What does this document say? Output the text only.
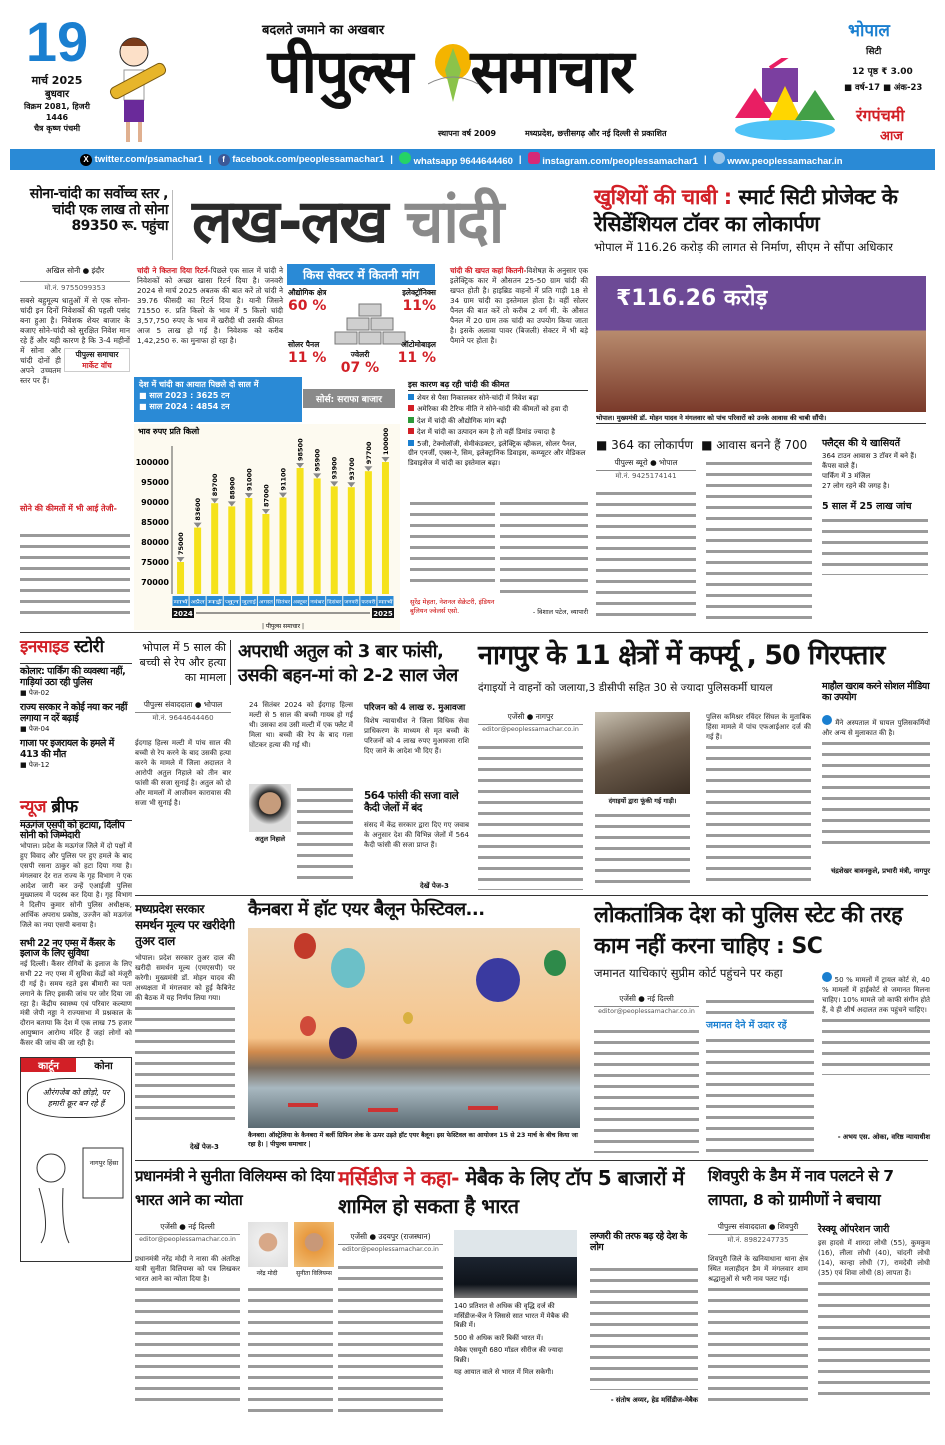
19
मार्च 2025
बुधवार
विक्रम 2081, हिजरी 1446
चैत्र कृष्ण पंचमी
बदलते जमाने का अखबार
पीपुल्स समाचार
स्थापना वर्ष 2009	मध्यप्रदेश, छत्तीसगढ़ और नई दिल्ली से प्रकाशित
भोपाल
सिटी
12 पृष्ठ ₹ 3.00
■ वर्ष-17 ■ अंक-23
रंगपंचमी
आज
X twitter.com/psamachar1 |	f facebook.com/peoplessamachar1 |	whatsapp 9644644460 |	instagram.com/peoplessamachar1 |	www.peoplessamachar.in
सोना-चांदी का सर्वोच्च स्तर , चांदी एक लाख तो सोना 89350 रू. पहुंचा लख-लख चांदी
अखिल सोनी ● इंदौर
मो.नं. 9755099353
पीपुल्स समाचार
मार्केट वॉच
सबसे बहुमूल्य धातुओं में से एक सोना-चांदी इन दिनों निवेशकों की पहली पसंद बना हुआ है। निवेशक शेयर बाजार के बजाए सोने-चांदी को सुरक्षित निवेश मान रहे हैं और यही कारण है कि 3-4 महीनों में सोना और चांदी दोनों ही अपने उच्चतम स्तर पर हैं।
सोने की कीमतों में भी आई तेजी-
चांदी ने कितना दिया रिटर्न-पिछले एक साल में चांदी ने निवेशकों को अच्छा खासा रिटर्न दिया है। जनवरी 2024 से मार्च 2025 अबतक की बात करें तो चांदी ने 39.76 फीसदी का रिटर्न दिया है। यानी जिसने 71550 रु. प्रति किलो के भाव में 5 किलो चांदी 3,57,750 रुपए के भाव में खरीदी थी उसकी कीमत आज 5 लाख हो गई है। निवेशक को करीब 1,42,250 रु. का मुनाफा हो रहा है।
किस सेक्टर में कितनी मांग
औद्योगिक क्षेत्र
60 %
इलेक्ट्रॉनिक्स
11%
सोलर पैनल
11 %	ज्वेलरी
07 %
ऑटोमोबाइल
11 %
चांदी की खपत कहां कितनी-विशेषज्ञ के अनुसार एक इलेक्ट्रिक कार में औसतन 25-50 ग्राम चांदी की खपत होती है। हाइब्रिड वाहनों में प्रति गाड़ी 18 से 34 ग्राम चांदी का इस्तेमाल होता है। वहीं सोलर पैनल की बात करें तो करीब 2 वर्ग मी. के औसत पैनल में 20 ग्राम तक चांदी का उपयोग किया जाता है। इसके अलावा पावर (बिजली) सेक्टर में भी बड़े पैमाने पर होता है।
देश में चांदी का आयात पिछले दो साल में
■ साल 2023 : 3625 टन
■ साल 2024 : 4854 टन
सोर्स: सराफा बाजार
70000
75000
80000
85000
90000
95000
100000
भाव रुपए प्रति किलो
75000
मार्च
83600
अप्रैल
89700
मई
88900
जून
91000
जुलाई
87000
अगस्त
91100
सितंबर
98500
अक्टूबर
95900
नवंबर
93900
दिसंबर
93700
जनवरी
97700
फरवरी
100000
मार्च
2024	2025
| पीपुल्स समाचार |
इस कारण बढ़ रही चांदी की कीमत
शेयर से पैसा निकालकर सोने-चांदी में निवेश बढ़ा
अमेरिका की टैरिफ नीति ने सोने-चांदी की कीमतों को हवा दी
देश में चांदी की औद्योगिक मांग बढ़ी
देश में चांदी का उत्पादन कम है तो वहीं डिमांड ज्यादा है
5जी, टेक्नोलॉजी, सेमीकंडक्टर, इलेक्ट्रिक व्हीकल, सोलर पैनल, ग्रीन एनर्जी, एक्स-रे, सिम, इलेक्ट्रानिक डिवाइस, कम्प्यूटर और मेडिकल डिवाइसेज में चांदी का इस्तेमाल बढ़ा।
सुरेंद्र मेहता, नेशनल सेक्रेटरी, इंडियन बुलियन ज्वेलर्स एसो.	- विशाल पटेल, व्यापारी
खुशियों की चाबी : स्मार्ट सिटी प्रोजेक्ट के रेसिडेंशियल टॉवर का लोकार्पण
भोपाल में 116.26 करोड़ की लागत से निर्माण, सीएम ने सौंपा अधिकार
₹116.26 करोड़
भोपाल। मुख्यमंत्री डॉ. मोहन यादव ने मंगलवार को पांच परिवारों को उनके आवास की चाबी सौंपी।
■ 364 का लोकार्पण ■ आवास बनने हैं 700
पीपुल्स ब्यूरो ● भोपाल
मो.नं. 9425174141
फ्लैट्स की ये खासियतें
364 टाउन आवास 3 टॉवर में बने हैं।
कैंपस वाले हैं।
पार्किंग में 3 मंजिल
27 लोग रहने की जगह है।
5 साल में 25 लाख जांच
इनसाइड स्टोरी
कोलार: पार्किंग की व्यवस्था नहीं, गाड़ियां उठा रही पुलिस
■ पेज-02
राज्य सरकार ने कोई नया कर नहीं लगाया न दरें बढ़ाई
■ पेज-04
गाजा पर इजरायल के हमले में 413 की मौत
■ पेज-12
न्यूज ब्रीफ
मऊगंज एसपी को हटाया, दिलीप सोनी को जिम्मेदारी
भोपाल। प्रदेश के मऊगंज जिले में दो पक्षों में हुए विवाद और पुलिस पर हुए हमले के बाद एसपी रसना ठाकुर को हटा दिया गया है। मंगलवार देर रात राज्य के गृह विभाग ने एक आदेश जारी कर उन्हें एआईजी पुलिस मुख्यालय में पदस्थ कर दिया है। गृह विभाग ने दिलीप कुमार सोनी पुलिस अधीक्षक, आर्थिक अपराध प्रकोष्ठ, उज्जैन को मऊगंज जिले का नया एसपी बनाया है।
सभी 22 नए एम्स में कैंसर के इलाज के लिए सुविधा
नई दिल्ली। कैंसर रोगियों के इलाज के लिए सभी 22 नए एम्स में सुविधा केंद्रों को मंजूरी दी गई है। समय रहते इस बीमारी का पता लगाने के लिए इसकी जांच पर जोर दिया जा रहा है। केंद्रीय स्वास्थ्य एवं परिवार कल्याण मंत्री जेपी नड्डा ने राज्यसभा में प्रश्नकाल के दौरान बताया कि देश में एक लाख 75 हजार आयुष्मान आरोग्य मंदिर हैं जहां लोगों को कैंसर की जांच की जा रही है।
कार्टून	कोना
औरंगजेब को छोड़ो, पर हमारी क्रूर बन रहे हैं
नागपुर हिंसा
भोपाल में 5 साल की बच्ची से रेप और हत्या का मामला
अपराधी अतुल को 3 बार फांसी, उसकी बहन-मां को 2-2 साल जेल
पीपुल्स संवाददाता ● भोपाल
मो.नं. 9644644460
ईदगाह हिल्स मल्टी में पांच साल की बच्ची से रेप करने के बाद उसकी हत्या करने के मामले में जिला अदालत ने आरोपी अतुल निहाले को तीन बार फांसी की सजा सुनाई है। अतुल को दो और मामलों में आजीवन कारावास की सजा भी सुनाई है।
24 सितंबर 2024 को ईदगाह हिल्स मल्टी से 5 साल की बच्ची गायब हो गई थी। उसका शव उसी मल्टी में एक फ्लैट में मिला था। बच्ची की रेप के बाद गला घोंटकर हत्या की गई थी।
अतुल निहाले
परिजन को 4 लाख रु. मुआवजा
विशेष न्यायाधीश ने जिला विधिक सेवा प्राधिकरण के माध्यम से मृत बच्ची के परिजनों को 4 लाख रुपए मुआवजा राशि दिए जाने के आदेश भी दिए हैं।
564 फांसी की सजा वाले कैदी जेलों में बंद
संसद में केंद्र सरकार द्वारा दिए गए जवाब के अनुसार देश की विभिन्न जेलों में 564 कैदी फांसी की सजा प्राप्त हैं।
देखें पेज-3
नागपुर के 11 क्षेत्रों में कर्फ्यू , 50 गिरफ्तार
दंगाइयों ने वाहनों को जलाया,3 डीसीपी सहित 30 से ज्यादा पुलिसकर्मी घायल
एजेंसी ● नागपुर
editor@peoplessamachar.co.in
दंगाइयों द्वारा फूंकी गई गाड़ी।
पुलिस कमिश्नर रविंदर सिंघल के मुताबिक हिंसा मामले में पांच एफआईआर दर्ज की गई हैं।
माहौल खराब करने सोशल मीडिया का उपयोग
मैंने अस्पताल में घायल पुलिसकर्मियों और अन्य से मुलाकात की है।
चंद्रशेखर बावनकुले, प्रभारी मंत्री, नागपुर
मध्यप्रदेश सरकार समर्थन मूल्य पर खरीदेगी तुअर दाल
भोपाल। प्रदेश सरकार तुअर दाल की खरीदी समर्थन मूल्य (एमएसपी) पर करेगी। मुख्यमंत्री डॉ. मोहन यादव की अध्यक्षता में मंगलवार को हुई कैबिनेट की बैठक में यह निर्णय लिया गया।
देखें पेज-3
कैनबरा में हॉट एयर बैलून फेस्टिवल...
कैनबरा। ऑस्ट्रेलिया के कैनबरा में बर्ली ग्रिफिन लेक के ऊपर उड़ते हॉट एयर बैलून। इस फेस्टिवल का आयोजन 15 से 23 मार्च के बीच किया जा रहा है। | पीपुल्स समाचार |
लोकतांत्रिक देश को पुलिस स्टेट की तरह काम नहीं करना चाहिए : SC
जमानत याचिकाएं सुप्रीम कोर्ट पहुंचने पर कहा
एजेंसी ● नई दिल्ली
editor@peoplessamachar.co.in
जमानत देने में उदार रहें
50 % मामलों में ट्रायल कोर्ट से, 40 % मामलों में हाईकोर्ट से जमानत मिलना चाहिए। 10% मामले जो काफी संगीन होते हैं, वे ही शीर्ष अदालत तक पहुंचने चाहिए।
- अभय एस. ओका, वरिष्ठ न्यायाधीश
प्रधानमंत्री ने सुनीता विलियम्स को दिया भारत आने का न्योता
एजेंसी ● नई दिल्ली
editor@peoplessamachar.co.in
नरेंद्र मोदी	सुनीता विलियम्स
प्रधानमंत्री नरेंद्र मोदी ने नासा की अंतरिक्ष यात्री सुनीता विलियम्स को पत्र लिखकर भारत आने का न्योता दिया है।
मर्सिडीज ने कहा- मेबैक के लिए टॉप 5 बाजारों में शामिल हो सकता है भारत
एजेंसी ● उदयपुर (राजस्थान)
editor@peoplessamachar.co.in
140 प्रतिशत से अधिक की वृद्धि दर्ज की मर्सिडीज-बेंज ने जिससे सात भारत में मेबैक की बिक्री में।
500 से अधिक कारें बिकीं भारत में।
मेबैक एसयूवी 680 मॉडल सीरीज की ज्यादा बिक्री।
यह आयात वाले से भारत में मिल सकेगी।
लग्जरी की तरफ बढ़ रहे देश के लोग
- संतोष अय्यर, हेड मर्सिडीज-मेबैक
शिवपुरी के डैम में नाव पलटने से 7 लापता, 8 को ग्रामीणों ने बचाया
पीपुल्स संवाददाता ● शिवपुरी
मो.नं. 8982247735
शिवपुरी जिले के खनियाधाना थाना क्षेत्र स्थित मलाहीदन डैम में मंगलवार शाम श्रद्धालुओं से भरी नाव पलट गई।
रेस्क्यू ऑपरेशन जारी
इस हादसे में शारदा लोधी (55), कुमकुम (16), लीला लोधी (40), चांदनी लोधी (14), कान्हा लोधी (7), रामदेवी लोधी (35) एवं शिवा लोधी (8) लापता हैं।
